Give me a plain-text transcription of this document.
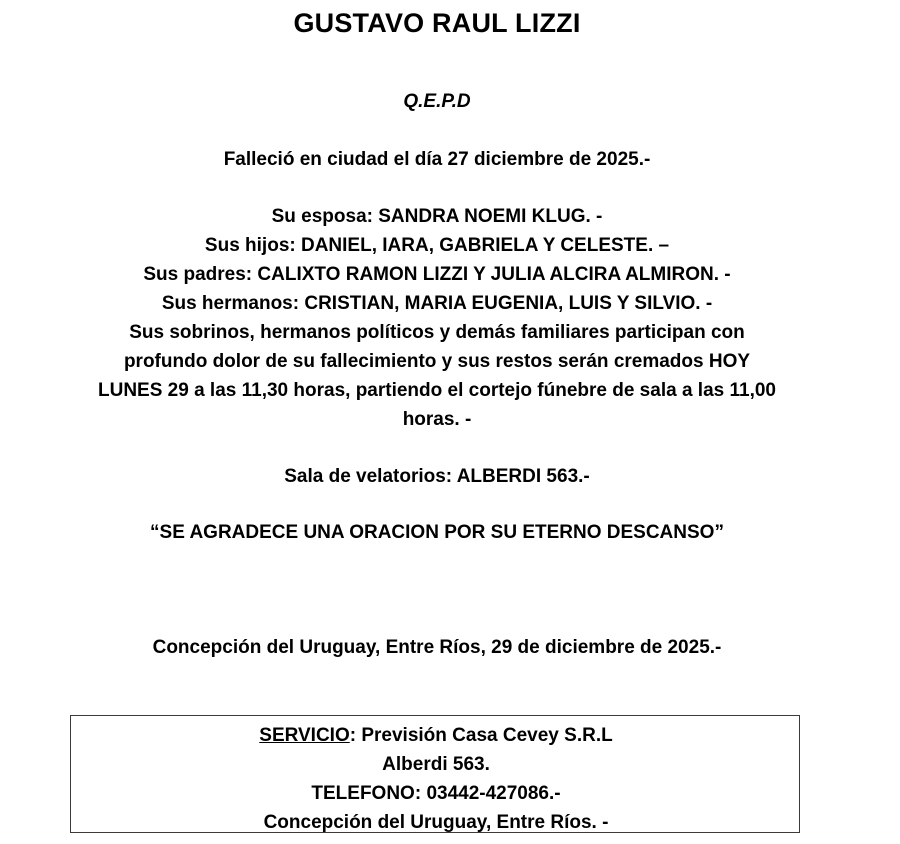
GUSTAVO RAUL LIZZI
Q.E.P.D
Falleció en ciudad el día 27 diciembre de 2025.-
Su esposa: SANDRA NOEMI KLUG. -
Sus hijos: DANIEL, IARA, GABRIELA Y CELESTE. –
Sus padres: CALIXTO RAMON LIZZI Y JULIA ALCIRA ALMIRON. -
Sus hermanos: CRISTIAN, MARIA EUGENIA, LUIS Y SILVIO. -
Sus sobrinos, hermanos políticos y demás familiares participan con profundo dolor de su fallecimiento y sus restos serán cremados HOY LUNES 29 a las 11,30 horas, partiendo el cortejo fúnebre de sala a las 11,00 horas. -
Sala de velatorios: ALBERDI 563.-
“SE AGRADECE UNA ORACION POR SU ETERNO DESCANSO”
Concepción del Uruguay, Entre Ríos, 29 de diciembre de 2025.-
SERVICIO: Previsión Casa Cevey S.R.L
Alberdi 563.
TELEFONO: 03442-427086.-
Concepción del Uruguay, Entre Ríos. -
